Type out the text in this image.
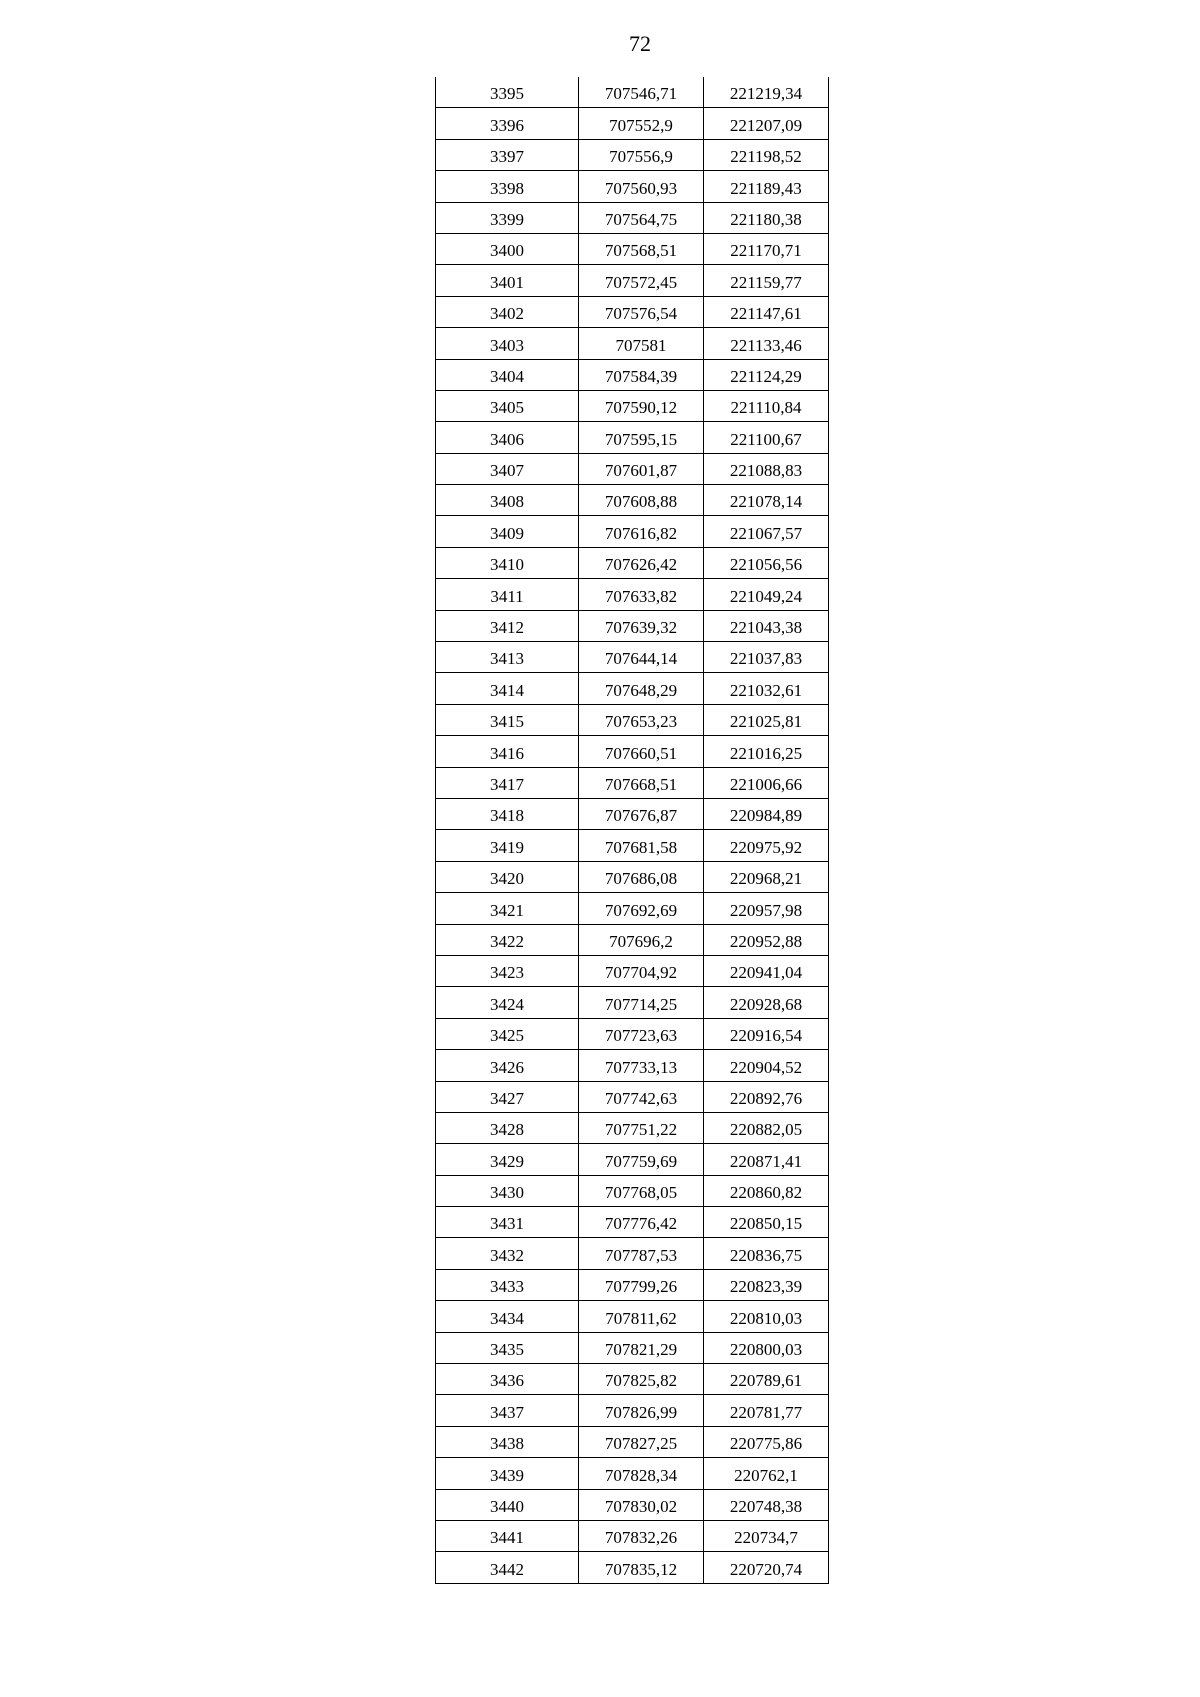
72
3395	707546,71	221219,34
3396	707552,9	221207,09
3397	707556,9	221198,52
3398	707560,93	221189,43
3399	707564,75	221180,38
3400	707568,51	221170,71
3401	707572,45	221159,77
3402	707576,54	221147,61
3403	707581	221133,46
3404	707584,39	221124,29
3405	707590,12	221110,84
3406	707595,15	221100,67
3407	707601,87	221088,83
3408	707608,88	221078,14
3409	707616,82	221067,57
3410	707626,42	221056,56
3411	707633,82	221049,24
3412	707639,32	221043,38
3413	707644,14	221037,83
3414	707648,29	221032,61
3415	707653,23	221025,81
3416	707660,51	221016,25
3417	707668,51	221006,66
3418	707676,87	220984,89
3419	707681,58	220975,92
3420	707686,08	220968,21
3421	707692,69	220957,98
3422	707696,2	220952,88
3423	707704,92	220941,04
3424	707714,25	220928,68
3425	707723,63	220916,54
3426	707733,13	220904,52
3427	707742,63	220892,76
3428	707751,22	220882,05
3429	707759,69	220871,41
3430	707768,05	220860,82
3431	707776,42	220850,15
3432	707787,53	220836,75
3433	707799,26	220823,39
3434	707811,62	220810,03
3435	707821,29	220800,03
3436	707825,82	220789,61
3437	707826,99	220781,77
3438	707827,25	220775,86
3439	707828,34	220762,1
3440	707830,02	220748,38
3441	707832,26	220734,7
3442	707835,12	220720,74
